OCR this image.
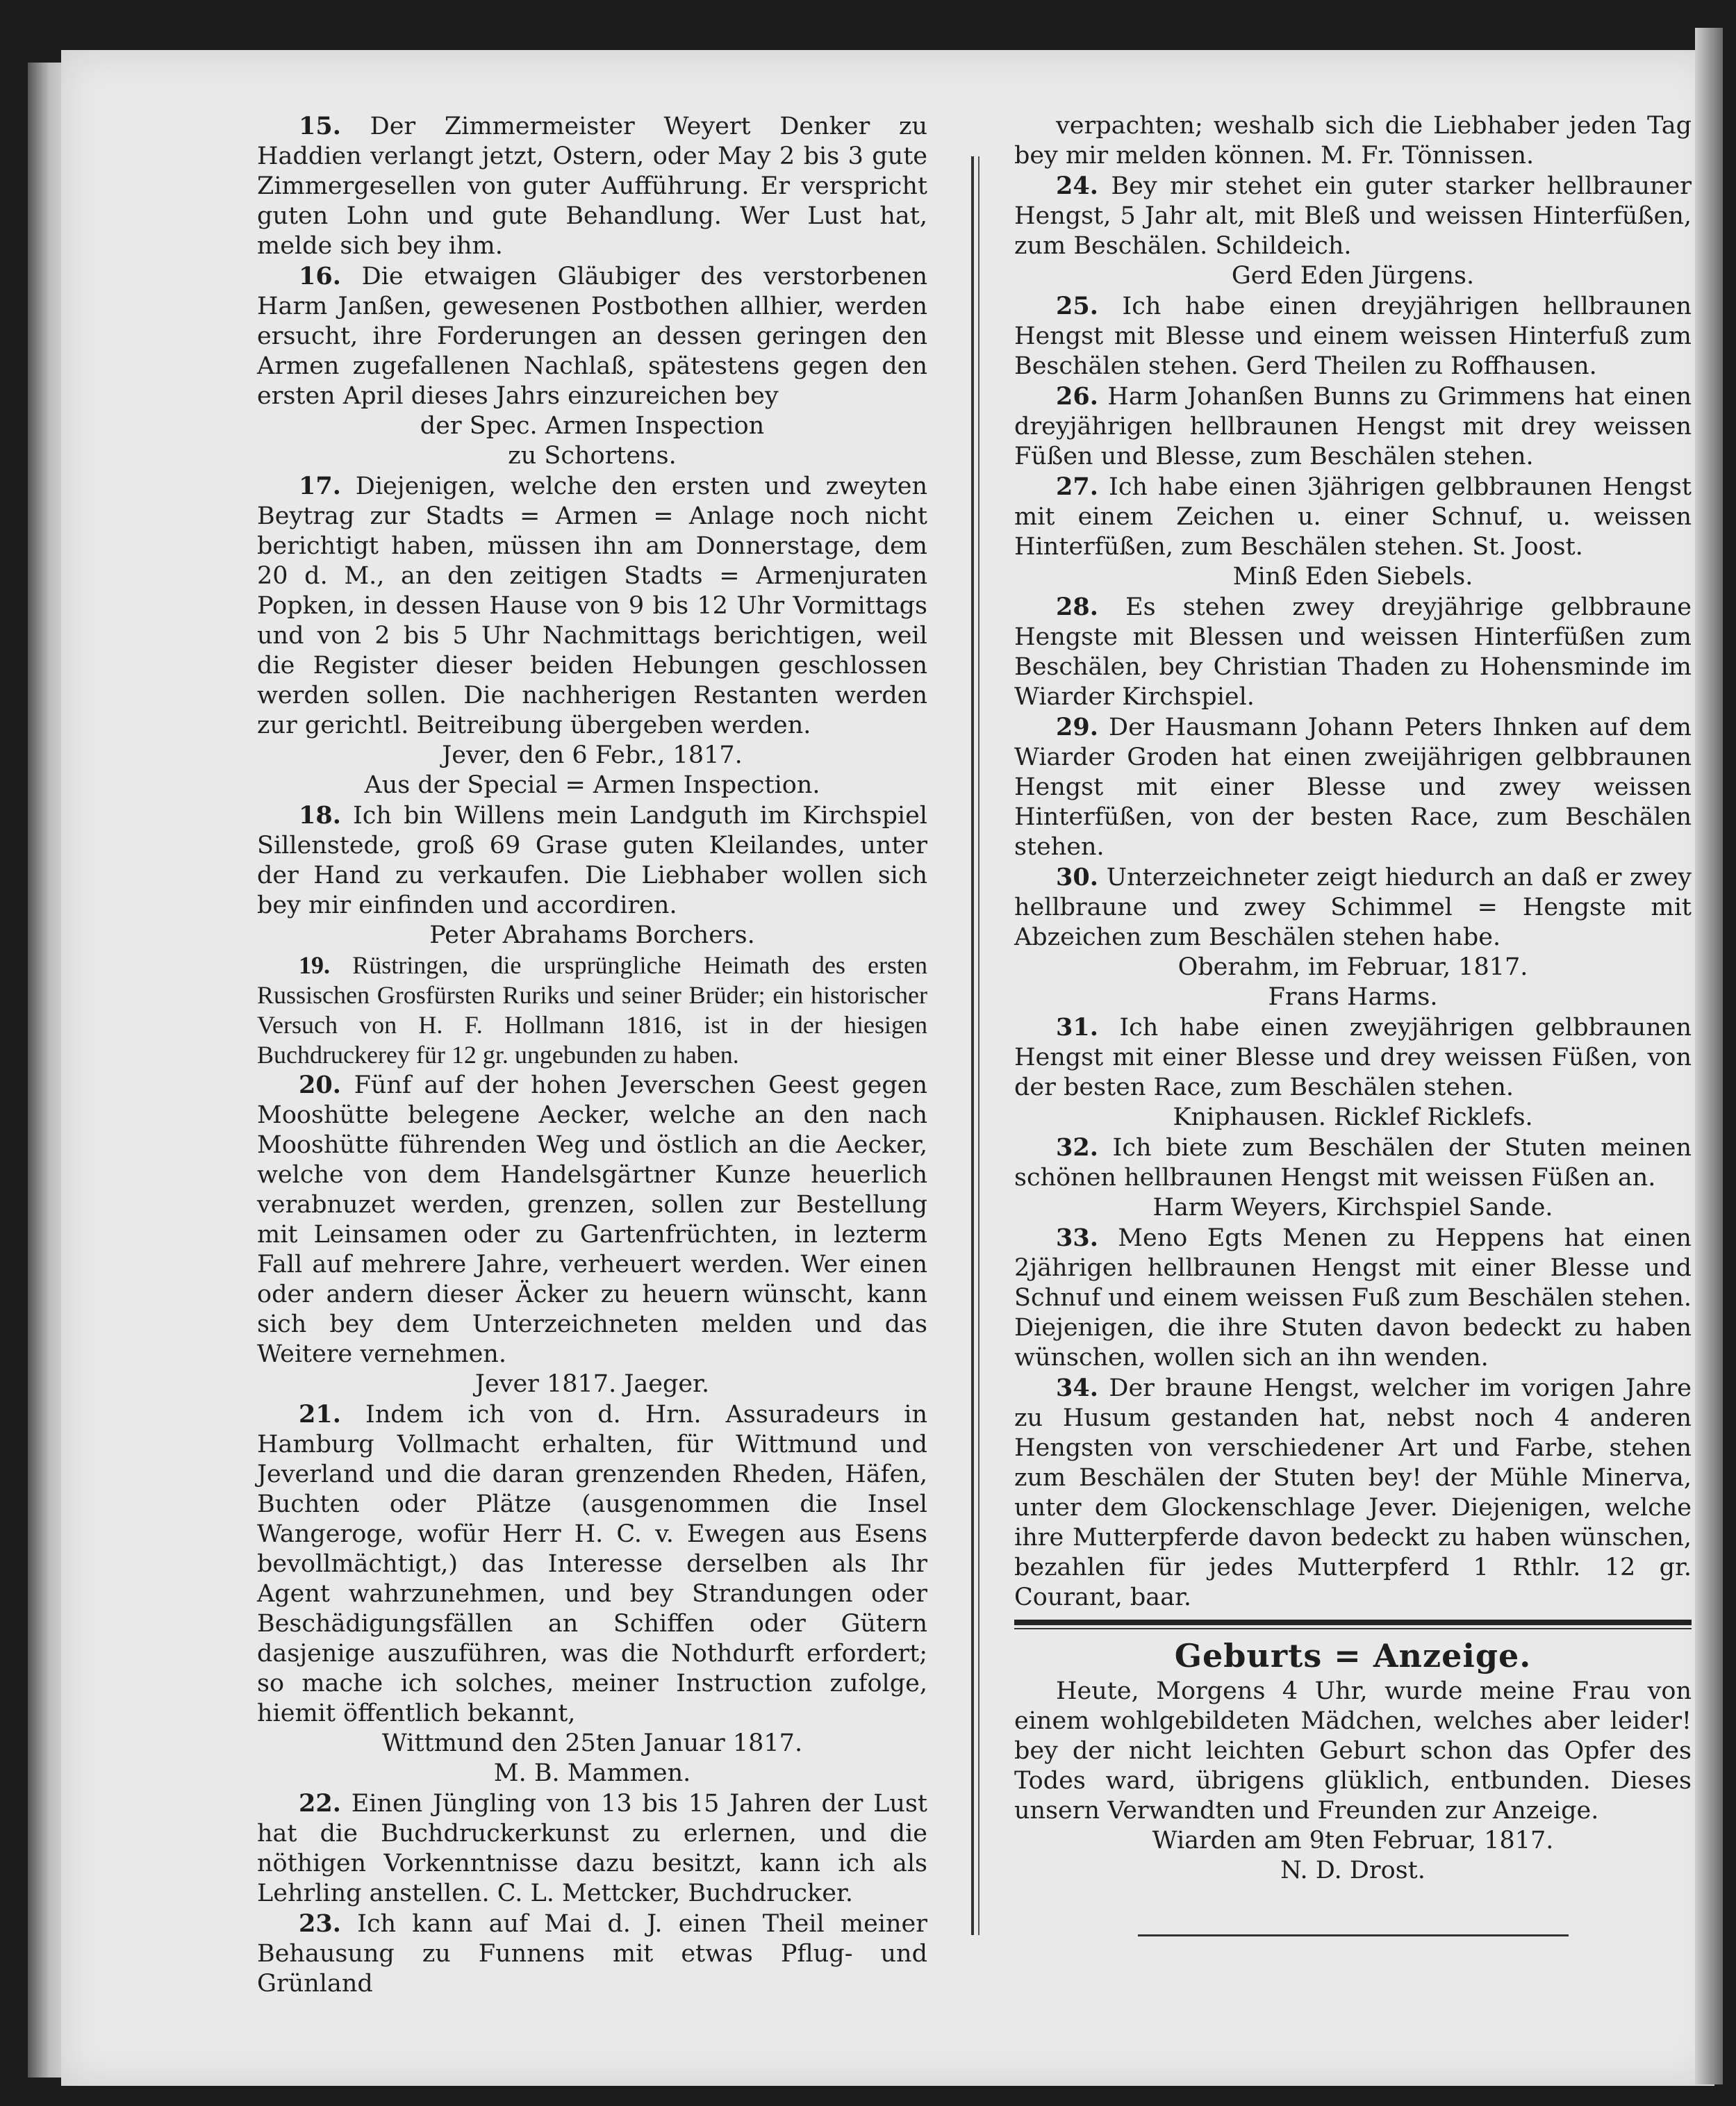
15. Der Zimmermeister Weyert Denker zu Haddien verlangt jetzt, Ostern, oder May 2 bis 3 gute Zimmergesellen von guter Aufführung. Er verspricht guten Lohn und gute Behandlung. Wer Lust hat, melde sich bey ihm.

16. Die etwaigen Gläubiger des verstorbenen Harm Janßen, gewesenen Postbothen allhier, werden ersucht, ihre Forderungen an dessen geringen den Armen zugefallenen Nachlaß, spätestens gegen den ersten April dieses Jahrs einzureichen bey

der Spec. Armen Inspection

zu Schortens.

17. Diejenigen, welche den ersten und zweyten Beytrag zur Stadts = Armen = Anlage noch nicht berichtigt haben, müssen ihn am Donnerstage, dem 20 d. M., an den zeitigen Stadts = Armenjuraten Popken, in dessen Hause von 9 bis 12 Uhr Vormittags und von 2 bis 5 Uhr Nachmittags berichtigen, weil die Register dieser beiden Hebungen geschlossen werden sollen. Die nachherigen Restanten werden zur gerichtl. Beitreibung übergeben werden.

Jever, den 6 Febr., 1817.

Aus der Special = Armen Inspection.

18. Ich bin Willens mein Landguth im Kirchspiel Sillenstede, groß 69 Grase guten Kleilandes, unter der Hand zu verkaufen. Die Liebhaber wollen sich bey mir einfinden und accordiren.

Peter Abrahams Borchers.

19. Rüstringen, die ursprüngliche Heimath des ersten Russischen Grosfürsten Ruriks und seiner Brüder; ein historischer Versuch von H. F. Hollmann 1816, ist in der hiesigen Buchdruckerey für 12 gr. ungebunden zu haben.

20. Fünf auf der hohen Jeverschen Geest gegen Mooshütte belegene Aecker, welche an den nach Mooshütte führenden Weg und östlich an die Aecker, welche von dem Handelsgärtner Kunze heuerlich verabnuzet werden, grenzen, sollen zur Bestellung mit Leinsamen oder zu Gartenfrüchten, in lezterm Fall auf mehrere Jahre, verheuert werden. Wer einen oder andern dieser Äcker zu heuern wünscht, kann sich bey dem Unterzeichneten melden und das Weitere vernehmen.

Jever 1817. Jaeger.

21. Indem ich von d. Hrn. Assuradeurs in Hamburg Vollmacht erhalten, für Wittmund und Jeverland und die daran grenzenden Rheden, Häfen, Buchten oder Plätze (ausgenommen die Insel Wangeroge, wofür Herr H. C. v. Ewegen aus Esens bevollmächtigt,) das Interesse derselben als Ihr Agent wahrzunehmen, und bey Strandungen oder Beschädigungsfällen an Schiffen oder Gütern dasjenige auszuführen, was die Nothdurft erfordert; so mache ich solches, meiner Instruction zufolge, hiemit öffentlich bekannt,

Wittmund den 25ten Januar 1817.

M. B. Mammen.

22. Einen Jüngling von 13 bis 15 Jahren der Lust hat die Buchdruckerkunst zu erlernen, und die nöthigen Vorkenntnisse dazu besitzt, kann ich als Lehrling anstellen. C. L. Mettcker, Buchdrucker.

23. Ich kann auf Mai d. J. einen Theil meiner Behausung zu Funnens mit etwas Pflug- und Grünland

verpachten; weshalb sich die Liebhaber jeden Tag bey mir melden können. M. Fr. Tönnissen.

24. Bey mir stehet ein guter starker hellbrauner Hengst, 5 Jahr alt, mit Bleß und weissen Hinterfüßen, zum Beschälen. Schildeich.

Gerd Eden Jürgens.

25. Ich habe einen dreyjährigen hellbraunen Hengst mit Blesse und einem weissen Hinterfuß zum Beschälen stehen. Gerd Theilen zu Roffhausen.

26. Harm Johanßen Bunns zu Grimmens hat einen dreyjährigen hellbraunen Hengst mit drey weissen Füßen und Blesse, zum Beschälen stehen.

27. Ich habe einen 3jährigen gelbbraunen Hengst mit einem Zeichen u. einer Schnuf, u. weissen Hinterfüßen, zum Beschälen stehen. St. Joost.

Minß Eden Siebels.

28. Es stehen zwey dreyjährige gelbbraune Hengste mit Blessen und weissen Hinterfüßen zum Beschälen, bey Christian Thaden zu Hohensminde im Wiarder Kirchspiel.

29. Der Hausmann Johann Peters Ihnken auf dem Wiarder Groden hat einen zweijährigen gelbbraunen Hengst mit einer Blesse und zwey weissen Hinterfüßen, von der besten Race, zum Beschälen stehen.

30. Unterzeichneter zeigt hiedurch an daß er zwey hellbraune und zwey Schimmel = Hengste mit Abzeichen zum Beschälen stehen habe.

Oberahm, im Februar, 1817.

Frans Harms.

31. Ich habe einen zweyjährigen gelbbraunen Hengst mit einer Blesse und drey weissen Füßen, von der besten Race, zum Beschälen stehen.

Kniphausen. Ricklef Ricklefs.

32. Ich biete zum Beschälen der Stuten meinen schönen hellbraunen Hengst mit weissen Füßen an.

Harm Weyers, Kirchspiel Sande.

33. Meno Egts Menen zu Heppens hat einen 2jährigen hellbraunen Hengst mit einer Blesse und Schnuf und einem weissen Fuß zum Beschälen stehen. Diejenigen, die ihre Stuten davon bedeckt zu haben wünschen, wollen sich an ihn wenden.

34. Der braune Hengst, welcher im vorigen Jahre zu Husum gestanden hat, nebst noch 4 anderen Hengsten von verschiedener Art und Farbe, stehen zum Beschälen der Stuten bey! der Mühle Minerva, unter dem Glockenschlage Jever. Diejenigen, welche ihre Mutterpferde davon bedeckt zu haben wünschen, bezahlen für jedes Mutterpferd 1 Rthlr. 12 gr. Courant, baar.

Geburts = Anzeige.

Heute, Morgens 4 Uhr, wurde meine Frau von einem wohlgebildeten Mädchen, welches aber leider! bey der nicht leichten Geburt schon das Opfer des Todes ward, übrigens glüklich, entbunden. Dieses unsern Verwandten und Freunden zur Anzeige.

Wiarden am 9ten Februar, 1817.

N. D. Drost.
